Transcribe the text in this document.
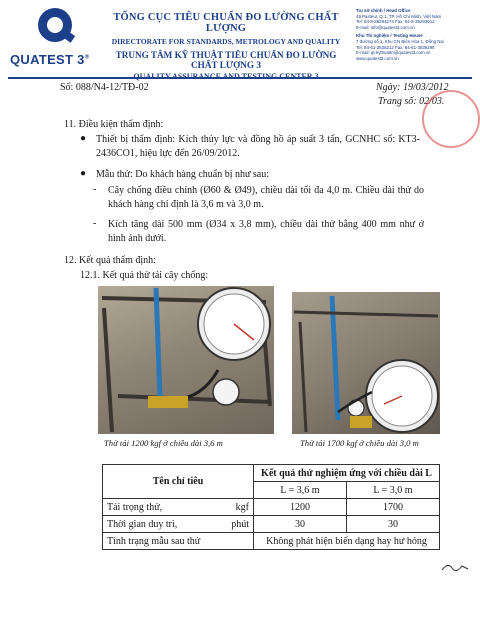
QUATEST 3®
TỔNG CỤC TIÊU CHUẨN ĐO LƯỜNG CHẤT LƯỢNG
DIRECTORATE FOR STANDARDS, METROLOGY AND QUALITY
TRUNG TÂM KỸ THUẬT TIÊU CHUẨN ĐO LƯỜNG CHẤT LƯỢNG 3
Trụ sở chính / Head Office
49 Pasteur, Q.1, TP. Hồ Chí Minh, Việt Nam
Tel: 84-8-38294274 Fax: 84-8-38293012
E-mail: info@quatest3.com.vn
Khu Thí nghiệm / Testing House
7 đường số 1, Khu CN Biên Hòa 1, Đồng Nai
Tel: 84-61-3836212 Fax: 84-61-3836298
E-mail: qt-kythuattn@quatest3.com.vn
www.quatest3.com.vn
Số: 088/N4-12/TĐ-02	Ngày: 19/03/2012
Trang số: 02/03.
11. Điều kiện thẩm định:
● Thiết bị thẩm định: Kích thủy lực và đồng hồ áp suất 3 tấn, GCNHC số: KT3-2436CO1, hiệu lực đến 26/09/2012.
● Mẫu thử: Do khách hàng chuẩn bị như sau:
- Cây chống điều chỉnh (Ø60 & Ø49), chiều dài tối đa 4,0 m. Chiều dài thử do khách hàng chỉ định là 3,6 m và 3,0 m.
- Kích tăng dài 500 mm (Ø34 x 3,8 mm), chiều dài thử bằng 400 mm như ở hình ảnh dưới.
12. Kết quả thẩm định:
12.1. Kết quả thử tải cây chống:
Thử tải 1200 kgf ở chiều dài 3,6 m	Thử tải 1700 kgf ở chiều dài 3,0 m
Tên chỉ tiêu	Kết quả thử nghiệm ứng với chiều dài L	
	L = 3,6 m	L = 3,0 m

Tải trọng thử, kgf	1200	1700

Thời gian duy trì, phút	30	30
Tình trạng mẫu sau thử	Không phát hiện biến dạng hay hư hỏng	
